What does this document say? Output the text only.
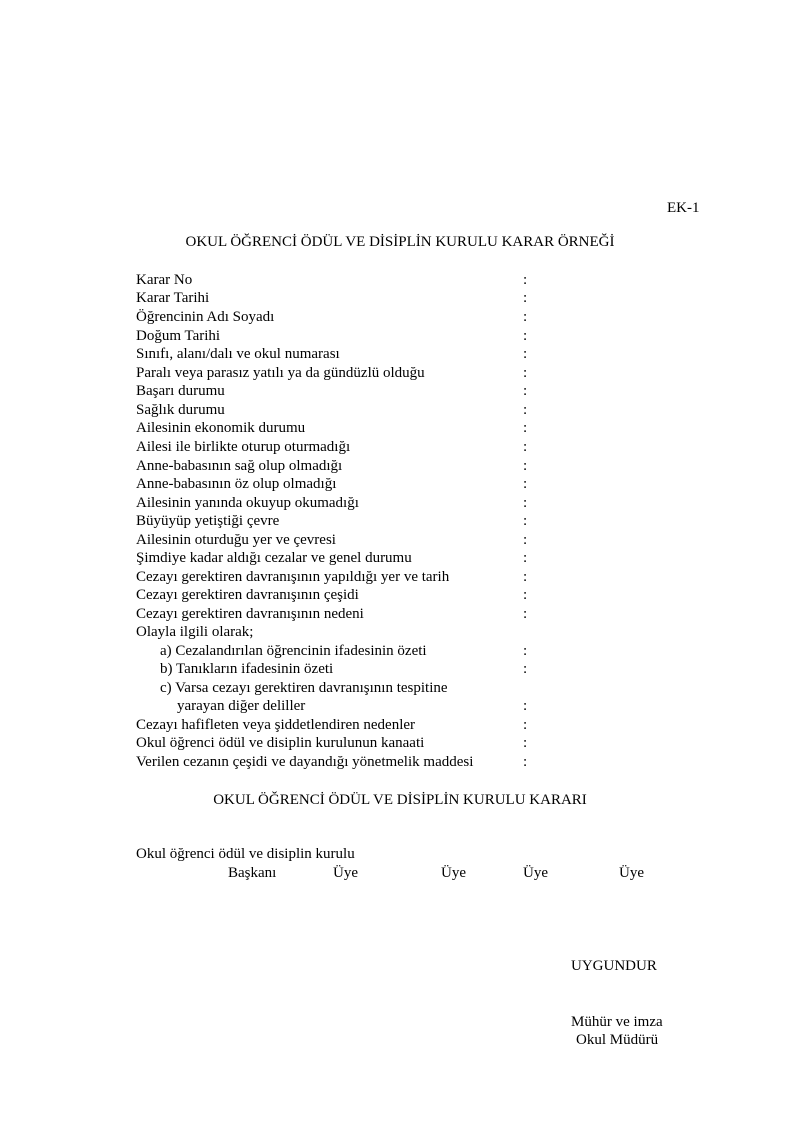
EK-1
OKUL ÖĞRENCİ ÖDÜL VE DİSİPLİN KURULU KARAR ÖRNEĞİ
Karar No	:
Karar Tarihi	:
Öğrencinin Adı Soyadı	:
Doğum Tarihi	:
Sınıfı, alanı/dalı ve okul numarası	:
Paralı veya parasız yatılı ya da gündüzlü olduğu	:
Başarı durumu	:
Sağlık durumu	:
Ailesinin ekonomik durumu	:
Ailesi ile birlikte oturup oturmadığı	:
Anne-babasının sağ olup olmadığı	:
Anne-babasının öz olup olmadığı	:
Ailesinin yanında okuyup okumadığı	:
Büyüyüp yetiştiği çevre	:
Ailesinin oturduğu yer ve çevresi	:
Şimdiye kadar aldığı cezalar ve genel durumu	:
Cezayı gerektiren davranışının yapıldığı yer ve tarih	:
Cezayı gerektiren davranışının çeşidi	:
Cezayı gerektiren davranışının nedeni	:
Olayla ilgili olarak;
a) Cezalandırılan öğrencinin ifadesinin özeti	:
b) Tanıkların ifadesinin özeti	:
c) Varsa cezayı gerektiren davranışının tespitine
yarayan diğer deliller	:
Cezayı hafifleten veya şiddetlendiren nedenler	:
Okul öğrenci ödül ve disiplin kurulunun kanaati	:
Verilen cezanın çeşidi ve dayandığı yönetmelik maddesi	:
OKUL ÖĞRENCİ ÖDÜL VE DİSİPLİN KURULU KARARI
Okul öğrenci ödül ve disiplin kurulu
Başkanı	Üye	Üye	Üye	Üye
UYGUNDUR
Mühür ve imza
Okul Müdürü
